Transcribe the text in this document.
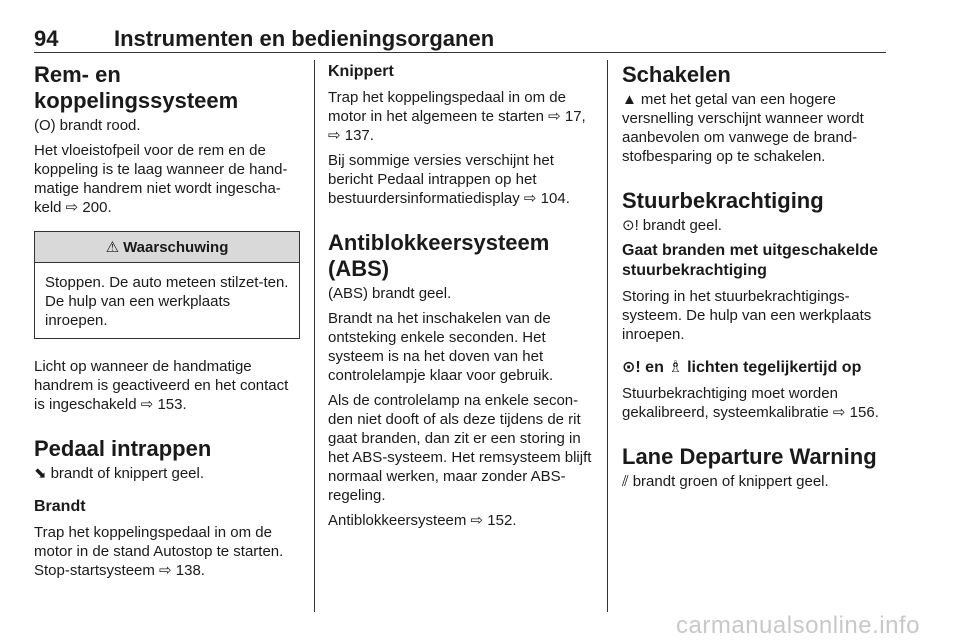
94	Instrumenten en bedieningsorganen
Rem- en koppelingssysteem

(O) brandt rood.

Het vloeistofpeil voor de rem en de koppeling is te laag wanneer de hand-matige handrem niet wordt ingescha-keld ⇨ 200.

⚠ Waarschuwing
Stoppen. De auto meteen stilzet-ten. De hulp van een werkplaats inroepen.

Licht op wanneer de handmatige handrem is geactiveerd en het contact is ingeschakeld ⇨ 153.

Pedaal intrappen

⬊ brandt of knippert geel.

Brandt

Trap het koppelingspedaal in om de motor in de stand Autostop te starten. Stop-startsysteem ⇨ 138.

Knippert

Trap het koppelingspedaal in om de motor in het algemeen te starten ⇨ 17, ⇨ 137.

Bij sommige versies verschijnt het bericht Pedaal intrappen op het bestuurdersinformatiedisplay ⇨ 104.

Antiblokkeersysteem (ABS)

(ABS) brandt geel.

Brandt na het inschakelen van de ontsteking enkele seconden. Het systeem is na het doven van het controlelampje klaar voor gebruik.

Als de controlelamp na enkele secon-den niet dooft of als deze tijdens de rit gaat branden, dan zit er een storing in het ABS-systeem. Het remsysteem blijft normaal werken, maar zonder ABS-regeling.

Antiblokkeersysteem ⇨ 152.

Schakelen

▲ met het getal van een hogere versnelling verschijnt wanneer wordt aanbevolen om vanwege de brand-stofbesparing op te schakelen.

Stuurbekrachtiging

⊙! brandt geel.

Gaat branden met uitgeschakelde stuurbekrachtiging

Storing in het stuurbekrachtigings-systeem. De hulp van een werkplaats inroepen.

⊙! en ♗ lichten tegelijkertijd op

Stuurbekrachtiging moet worden gekalibreerd, systeemkalibratie ⇨ 156.

Lane Departure Warning

⫽ brandt groen of knippert geel.

carmanualsonline.info
